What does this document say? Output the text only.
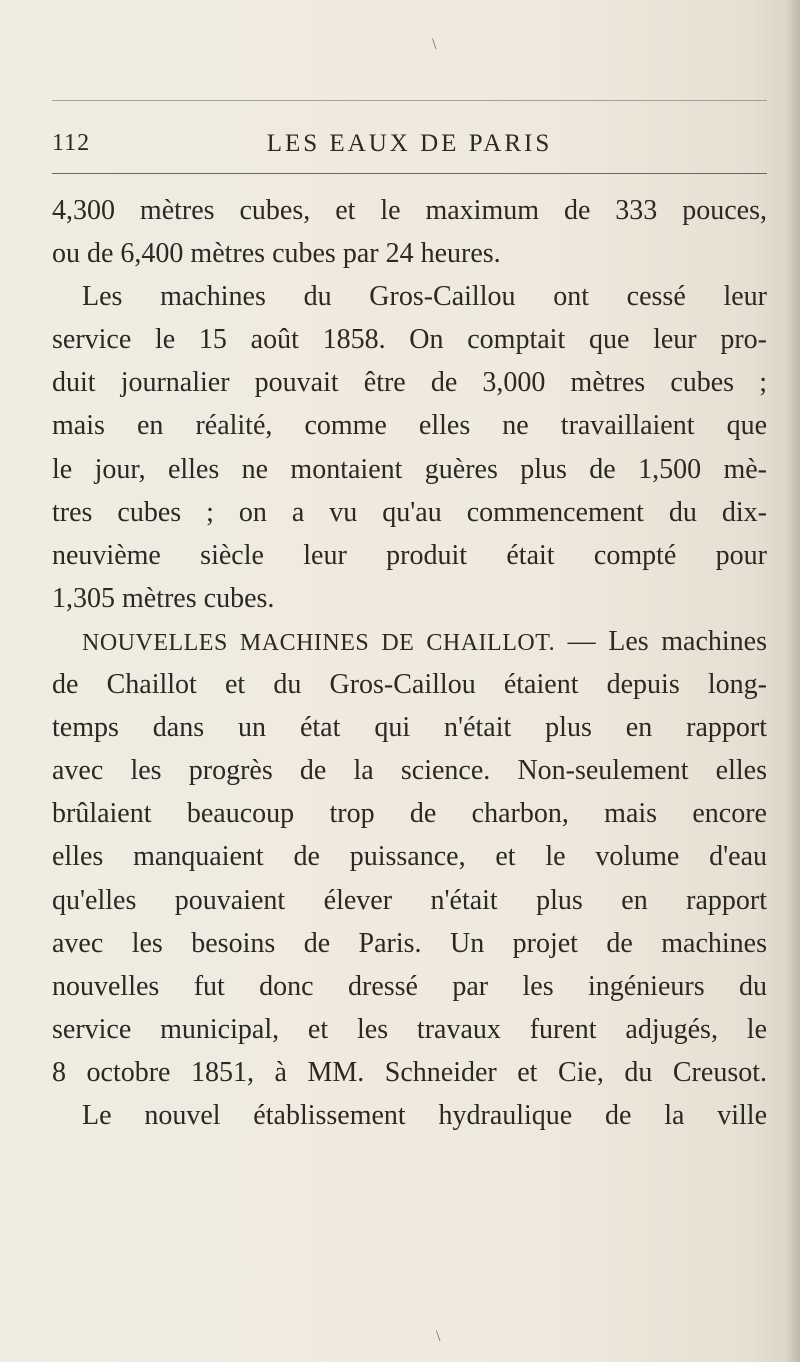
\
112	LES EAUX DE PARIS
4,300 mètres cubes, et le maximum de 333 pouces,
ou de 6,400 mètres cubes par 24 heures.
Les machines du Gros-Caillou ont cessé leur
service le 15 août 1858. On comptait que leur pro-
duit journalier pouvait être de 3,000 mètres cubes ;
mais en réalité, comme elles ne travaillaient que
le jour, elles ne montaient guères plus de 1,500 mè-
tres cubes ; on a vu qu'au commencement du dix-
neuvième siècle leur produit était compté pour
1,305 mètres cubes.
NOUVELLES MACHINES DE CHAILLOT. — Les machines
de Chaillot et du Gros-Caillou étaient depuis long-
temps dans un état qui n'était plus en rapport
avec les progrès de la science. Non-seulement elles
brûlaient beaucoup trop de charbon, mais encore
elles manquaient de puissance, et le volume d'eau
qu'elles pouvaient élever n'était plus en rapport
avec les besoins de Paris. Un projet de machines
nouvelles fut donc dressé par les ingénieurs du
service municipal, et les travaux furent adjugés, le
8 octobre 1851, à MM. Schneider et Cie, du Creusot.
Le nouvel établissement hydraulique de la ville
\
